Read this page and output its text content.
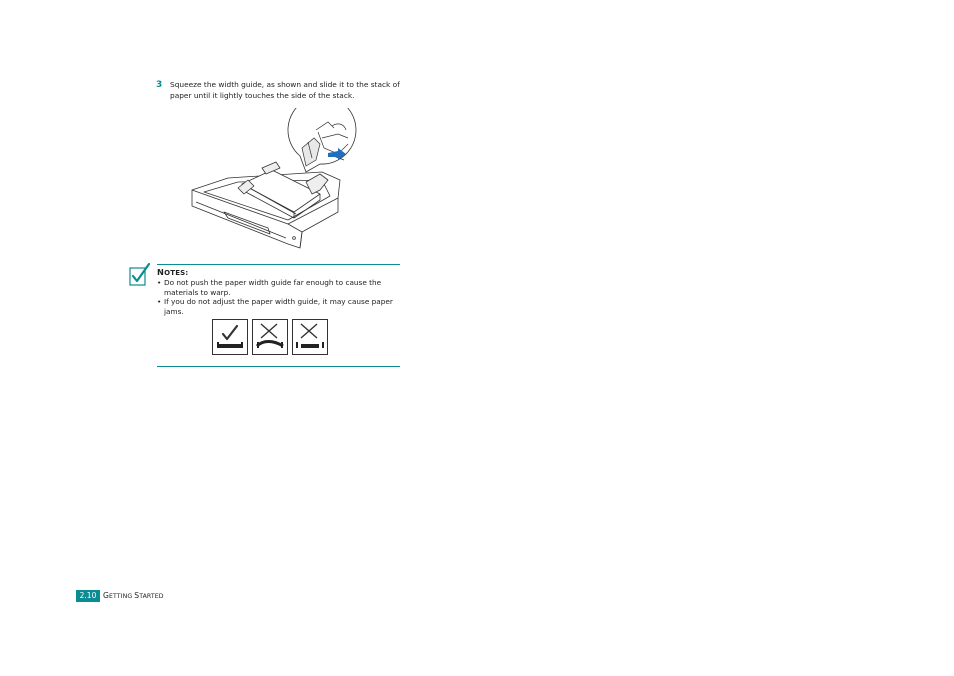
3 Squeeze the width guide, as shown and slide it to the stack of paper until it lightly touches the side of the stack.
NOTES:
• Do not push the paper width guide far enough to cause the materials to warp.
• If you do not adjust the paper width guide, it may cause paper jams.
2.10 GETTING STARTED
